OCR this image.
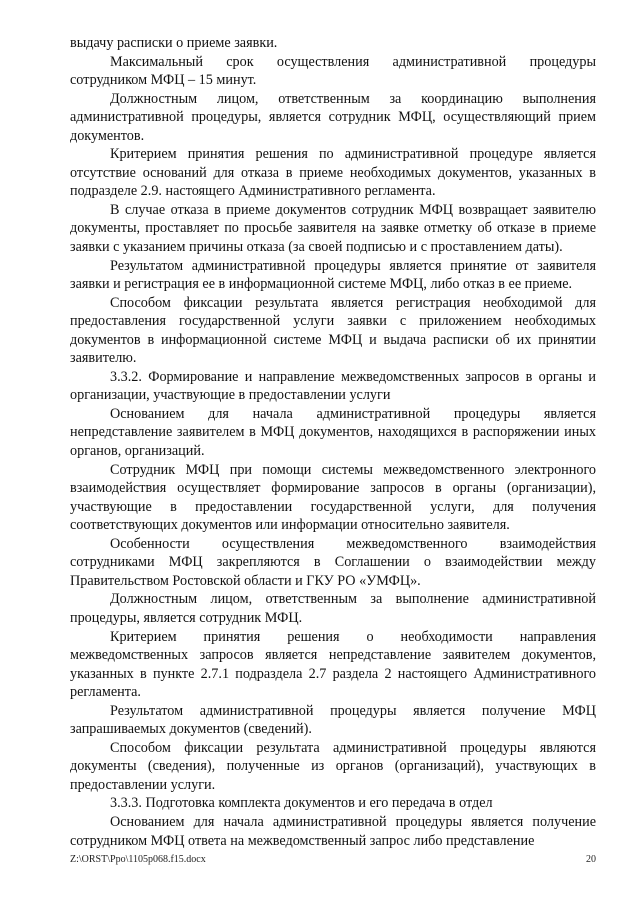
выдачу расписки о приеме заявки.

Максимальный срок осуществления административной процедуры сотрудником МФЦ – 15 минут.

Должностным лицом, ответственным за координацию выполнения административной процедуры, является сотрудник МФЦ, осуществляющий прием документов.

Критерием принятия решения по административной процедуре является отсутствие оснований для отказа в приеме необходимых документов, указанных в подразделе 2.9. настоящего Административного регламента.

В случае отказа в приеме документов сотрудник МФЦ возвращает заявителю документы, проставляет по просьбе заявителя на заявке отметку об отказе в приеме заявки с указанием причины отказа (за своей подписью и с проставлением даты).

Результатом административной процедуры является принятие от заявителя заявки и регистрация ее в информационной системе МФЦ, либо отказ в ее приеме.

Способом фиксации результата является регистрация необходимой для предоставления государственной услуги заявки с приложением необходимых документов в информационной системе МФЦ и выдача расписки об их принятии заявителю.

3.3.2. Формирование и направление межведомственных запросов в органы и организации, участвующие в предоставлении услуги

Основанием для начала административной процедуры является непредставление заявителем в МФЦ документов, находящихся в распоряжении иных органов, организаций.

Сотрудник МФЦ при помощи системы межведомственного электронного взаимодействия осуществляет формирование запросов в органы (организации), участвующие в предоставлении государственной услуги, для получения соответствующих документов или информации относительно заявителя.

Особенности осуществления межведомственного взаимодействия сотрудниками МФЦ закрепляются в Соглашении о взаимодействии между Правительством Ростовской области и ГКУ РО «УМФЦ».

Должностным лицом, ответственным за выполнение административной процедуры, является сотрудник МФЦ.

Критерием принятия решения о необходимости направления межведомственных запросов является непредставление заявителем документов, указанных в пункте 2.7.1 подраздела 2.7 раздела 2 настоящего Административного регламента.

Результатом административной процедуры является получение МФЦ запрашиваемых документов (сведений).

Способом фиксации результата административной процедуры являются документы (сведения), полученные из органов (организаций), участвующих в предоставлении услуги.

3.3.3. Подготовка комплекта документов и его передача в отдел

Основанием для начала административной процедуры является получение сотрудником МФЦ ответа на межведомственный запрос либо представление

Z:\ORST\Ppo\1105p068.f15.docx	20
